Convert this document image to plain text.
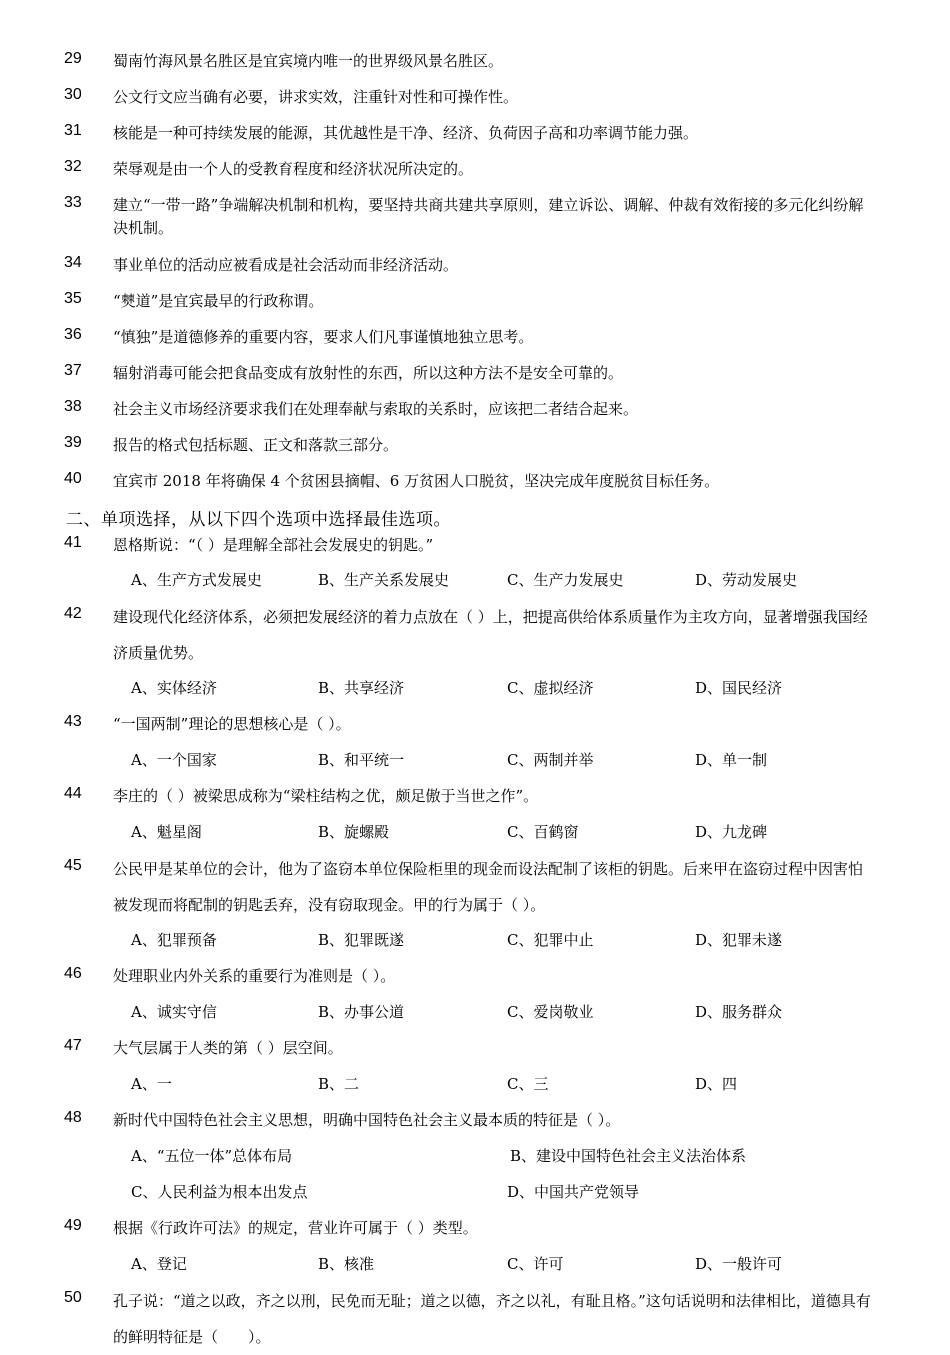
29	蜀南竹海风景名胜区是宜宾境内唯一的世界级风景名胜区。
30	公文行文应当确有必要，讲求实效，注重针对性和可操作性。
31	核能是一种可持续发展的能源，其优越性是干净、经济、负荷因子高和功率调节能力强。
32	荣辱观是由一个人的受教育程度和经济状况所决定的。
33	建立“一带一路”争端解决机制和机构，要坚持共商共建共享原则，建立诉讼、调解、仲裁有效衔接的多元化纠纷解决机制。
34	事业单位的活动应被看成是社会活动而非经济活动。
35	“僰道”是宜宾最早的行政称谓。
36	“慎独”是道德修养的重要内容，要求人们凡事谨慎地独立思考。
37	辐射消毒可能会把食品变成有放射性的东西，所以这种方法不是安全可靠的。
38	社会主义市场经济要求我们在处理奉献与索取的关系时，应该把二者结合起来。
39	报告的格式包括标题、正文和落款三部分。
40	宜宾市 2018 年将确保 4 个贫困县摘帽、6 万贫困人口脱贫，坚决完成年度脱贫目标任务。
二、单项选择，从以下四个选项中选择最佳选项。
41	恩格斯说：“（ ）是理解全部社会发展史的钥匙。”
A、生产方式发展史	B、生产关系发展史	C、生产力发展史	D、劳动发展史
42	建设现代化经济体系，必须把发展经济的着力点放在（ ）上，把提高供给体系质量作为主攻方向，显著增强我国经济质量优势。
A、实体经济	B、共享经济	C、虚拟经济	D、国民经济
43	“一国两制”理论的思想核心是（ ）。
A、一个国家	B、和平统一	C、两制并举	D、单一制
44	李庄的（ ）被梁思成称为“梁柱结构之优，颇足傲于当世之作”。
A、魁星阁	B、旋螺殿	C、百鹤窗	D、九龙碑
45	公民甲是某单位的会计，他为了盗窃本单位保险柜里的现金而设法配制了该柜的钥匙。后来甲在盗窃过程中因害怕被发现而将配制的钥匙丢弃，没有窃取现金。甲的行为属于（ ）。
A、犯罪预备	B、犯罪既遂	C、犯罪中止	D、犯罪未遂
46	处理职业内外关系的重要行为准则是（ ）。
A、诚实守信	B、办事公道	C、爱岗敬业	D、服务群众
47	大气层属于人类的第（ ）层空间。
A、一	B、二	C、三	D、四
48	新时代中国特色社会主义思想，明确中国特色社会主义最本质的特征是（ ）。
A、“五位一体”总体布局	B、建设中国特色社会主义法治体系
C、人民利益为根本出发点	D、中国共产党领导
49	根据《行政许可法》的规定，营业许可属于（ ）类型。
A、登记	B、核准	C、许可	D、一般许可
50	孔子说：“道之以政，齐之以刑，民免而无耻；道之以德，齐之以礼，有耻且格。”这句话说明和法律相比，道德具有的鲜明特征是（　　）。
